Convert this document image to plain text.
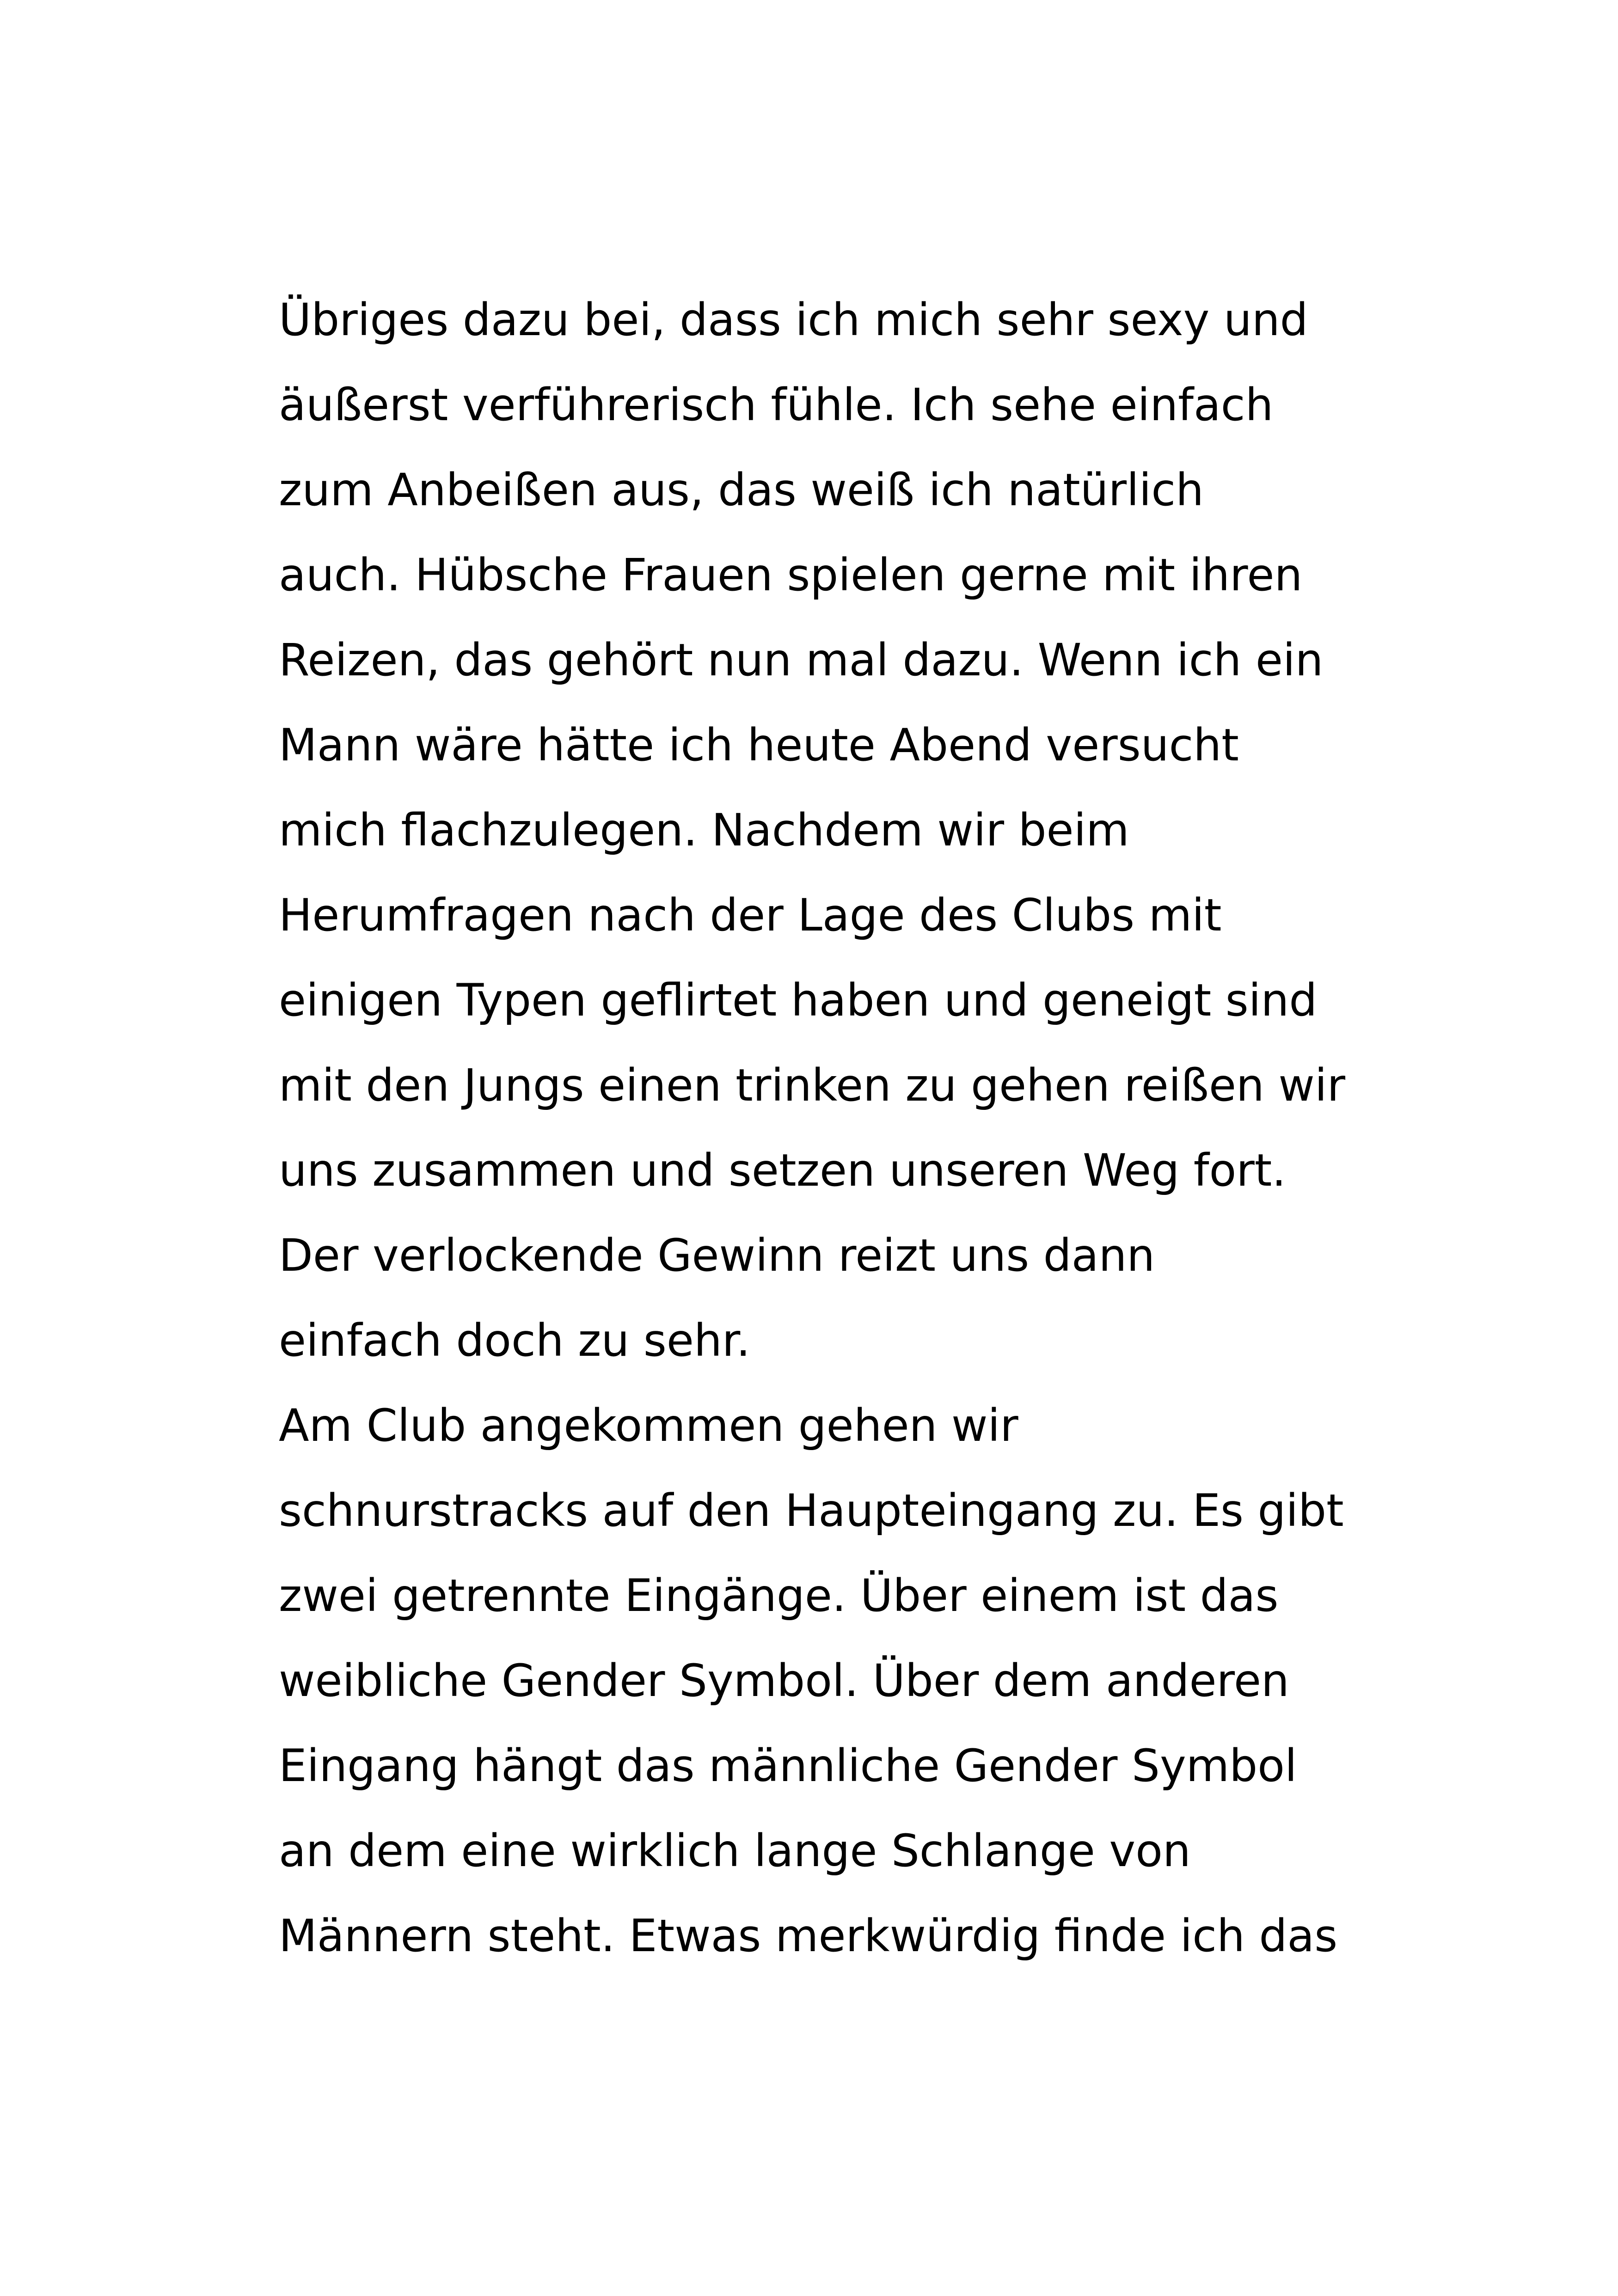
Übriges dazu bei, dass ich mich sehr sexy und
äußerst verführerisch fühle. Ich sehe einfach
zum Anbeißen aus, das weiß ich natürlich
auch. Hübsche Frauen spielen gerne mit ihren
Reizen, das gehört nun mal dazu. Wenn ich ein
Mann wäre hätte ich heute Abend versucht
mich flachzulegen. Nachdem wir beim
Herumfragen nach der Lage des Clubs mit
einigen Typen geflirtet haben und geneigt sind
mit den Jungs einen trinken zu gehen reißen wir
uns zusammen und setzen unseren Weg fort.
Der verlockende Gewinn reizt uns dann
einfach doch zu sehr.
Am Club angekommen gehen wir
schnurstracks auf den Haupteingang zu. Es gibt
zwei getrennte Eingänge. Über einem ist das
weibliche Gender Symbol. Über dem anderen
Eingang hängt das männliche Gender Symbol
an dem eine wirklich lange Schlange von
Männern steht. Etwas merkwürdig finde ich das
